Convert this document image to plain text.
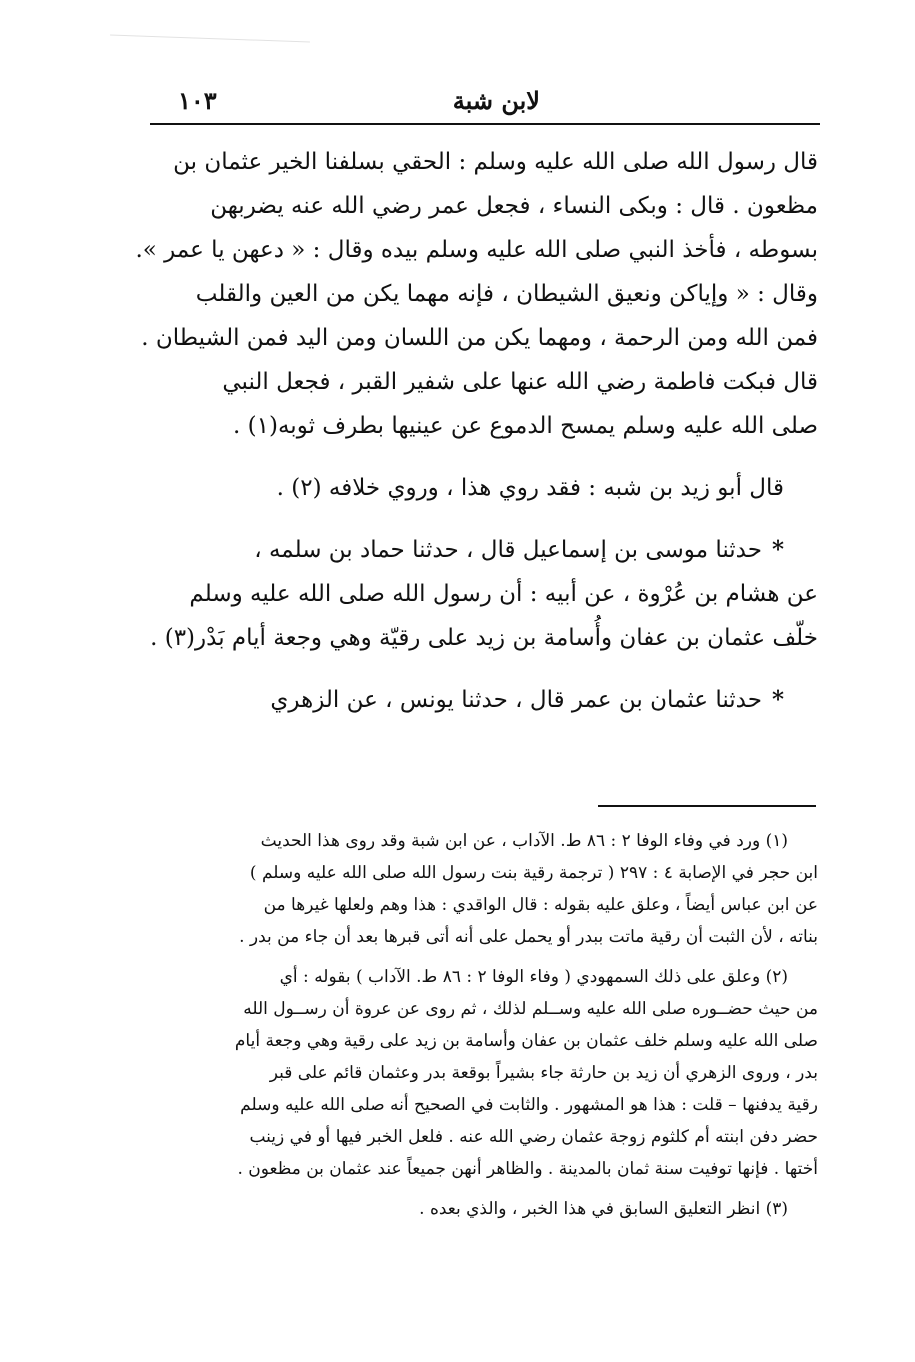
لابن شبة
١٠٣
قال رسول الله صلى الله عليه وسلم : الحقي بسلفنا الخير عثمان بن
مظعون . قال : وبكى النساء ، فجعل عمر رضي الله عنه يضربهن
بسوطه ، فأخذ النبي صلى الله عليه وسلم بيده وقال : « دعهن يا عمر ».
وقال : « وإياكن ونعيق الشيطان ، فإنه مهما يكن من العين والقلب
فمن الله ومن الرحمة ، ومهما يكن من اللسان ومن اليد فمن الشيطان .
قال فبكت فاطمة رضي الله عنها على شفير القبر ، فجعل النبي
صلى الله عليه وسلم يمسح الدموع عن عينيها بطرف ثوبه(١) .
قال أبو زيد بن شبه : فقد روي هذا ، وروي خلافه (٢) .
*حدثنا موسى بن إسماعيل قال ، حدثنا حماد بن سلمه ،
عن هشام بن عُرْوة ، عن أبيه : أن رسول الله صلى الله عليه وسلم
خلّف عثمان بن عفان وأُسامة بن زيد على رقيّة وهي وجعة أيام بَدْر(٣) .
*حدثنا عثمان بن عمر قال ، حدثنا يونس ، عن الزهري
(١) ورد في وفاء الوفا ٢ : ٨٦ ط. الآداب ، عن ابن شبة وقد روى هذا الحديث
ابن حجر في الإصابة ٤ : ٢٩٧ ( ترجمة رقية بنت رسول الله صلى الله عليه وسلم )
عن ابن عباس أيضاً ، وعلق عليه بقوله : قال الواقدي : هذا وهم ولعلها غيرها من
بناته ، لأن الثبت أن رقية ماتت ببدر أو يحمل على أنه أتى قبرها بعد أن جاء من بدر .
(٢) وعلق على ذلك السمهودي ( وفاء الوفا ٢ : ٨٦ ط. الآداب ) بقوله : أي
من حيث حضــوره صلى الله عليه وســلم لذلك ، ثم روى عن عروة أن رســول الله
صلى الله عليه وسلم خلف عثمان بن عفان وأسامة بن زيد على رقية وهي وجعة أيام
بدر ، وروى الزهري أن زيد بن حارثة جاء بشيراً بوقعة بدر وعثمان قائم على قبر
رقية يدفنها – قلت : هذا هو المشهور . والثابت في الصحيح أنه صلى الله عليه وسلم
حضر دفن ابنته أم كلثوم زوجة عثمان رضي الله عنه . فلعل الخبر فيها أو في زينب
أختها . فإنها توفيت سنة ثمان بالمدينة . والظاهر أنهن جميعاً عند عثمان بن مظعون .
(٣) انظر التعليق السابق في هذا الخبر ، والذي بعده .
